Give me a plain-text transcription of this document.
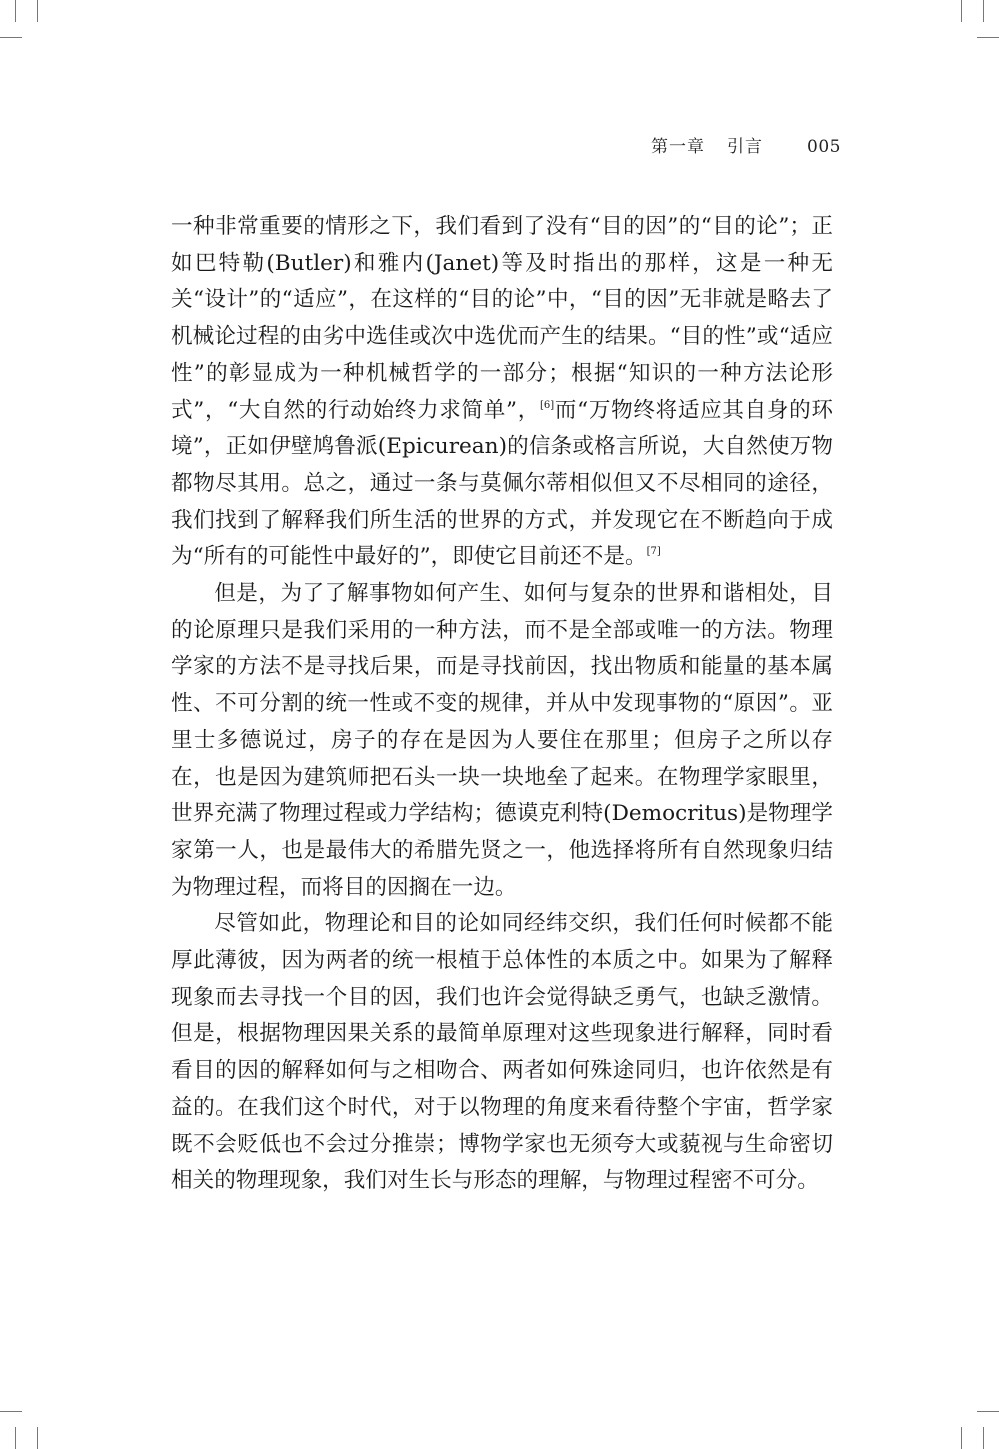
第一章 引言	005

一种非常重要的情形之下，我们看到了没有“目的因”的“目的论”；正如巴特勒(Butler)和雅内(Janet)等及时指出的那样，这是一种无关“设计”的“适应”，在这样的“目的论”中，“目的因”无非就是略去了机械论过程的由劣中选佳或次中选优而产生的结果。“目的性”或“适应性”的彰显成为一种机械哲学的一部分；根据“知识的一种方法论形式”，“大自然的行动始终力求简单”，[6]而“万物终将适应其自身的环境”，正如伊壁鸠鲁派(Epicurean)的信条或格言所说，大自然使万物都物尽其用。总之，通过一条与莫佩尔蒂相似但又不尽相同的途径，我们找到了解释我们所生活的世界的方式，并发现它在不断趋向于成为“所有的可能性中最好的”，即使它目前还不是。[7]

但是，为了了解事物如何产生、如何与复杂的世界和谐相处，目的论原理只是我们采用的一种方法，而不是全部或唯一的方法。物理学家的方法不是寻找后果，而是寻找前因，找出物质和能量的基本属性、不可分割的统一性或不变的规律，并从中发现事物的“原因”。亚里士多德说过，房子的存在是因为人要住在那里；但房子之所以存在，也是因为建筑师把石头一块一块地垒了起来。在物理学家眼里，世界充满了物理过程或力学结构；德谟克利特(Democritus)是物理学家第一人，也是最伟大的希腊先贤之一，他选择将所有自然现象归结为物理过程，而将目的因搁在一边。

尽管如此，物理论和目的论如同经纬交织，我们任何时候都不能厚此薄彼，因为两者的统一根植于总体性的本质之中。如果为了解释现象而去寻找一个目的因，我们也许会觉得缺乏勇气，也缺乏激情。但是，根据物理因果关系的最简单原理对这些现象进行解释，同时看看目的因的解释如何与之相吻合、两者如何殊途同归，也许依然是有益的。在我们这个时代，对于以物理的角度来看待整个宇宙，哲学家既不会贬低也不会过分推崇；博物学家也无须夸大或藐视与生命密切相关的物理现象，我们对生长与形态的理解，与物理过程密不可分。
